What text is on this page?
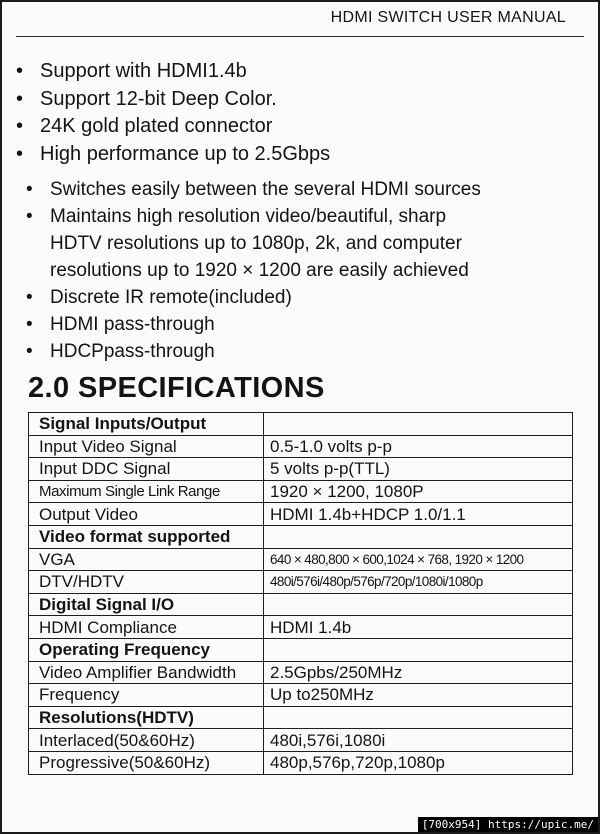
HDMI SWITCH USER MANUAL
• Support with HDMI1.4b
• Support 12-bit Deep Color.
• 24K gold plated connector
• High performance up to 2.5Gbps
• Switches easily between the several HDMI sources
• Maintains high resolution video/beautiful, sharp
HDTV resolutions up to 1080p, 2k, and computer
resolutions up to 1920 × 1200 are easily achieved
• Discrete IR remote(included)
• HDMI pass-through
• HDCPpass-through
2.0 SPECIFICATIONS
Signal Inputs/Output	
Input Video Signal	0.5-1.0 volts p-p
Input DDC Signal	5 volts p-p(TTL)
Maximum Single Link Range	1920 × 1200, 1080P
Output Video	HDMI 1.4b+HDCP 1.0/1.1
Video format supported	
VGA	640 × 480,800 × 600,1024 × 768, 1920 × 1200
DTV/HDTV	480i/576i/480p/576p/720p/1080i/1080p
Digital Signal I/O	
HDMI Compliance	HDMI 1.4b
Operating Frequency	
Video Amplifier Bandwidth	2.5Gpbs/250MHz
Frequency	Up to250MHz
Resolutions(HDTV)	
Interlaced(50&60Hz)	480i,576i,1080i
Progressive(50&60Hz)	480p,576p,720p,1080p
[700x954] https://upic.me/
